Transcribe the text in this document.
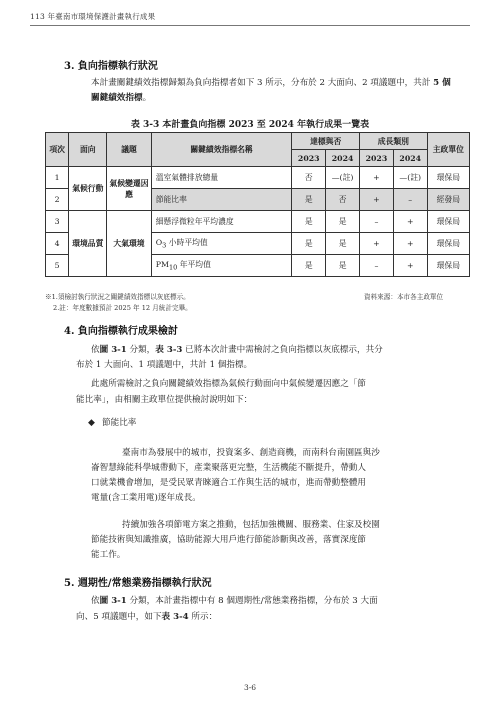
113 年臺南市環境保護計畫執行成果
3. 負向指標執行狀況
本計畫關鍵績效指標歸類為負向指標者如下 3 所示，分布於 2 大面向、2 項議題中，共計 5 個關鍵績效指標。
表 3-3 本計畫負向指標 2023 至 2024 年執行成果一覽表
項次	面向	議題	關鍵績效指標名稱	達標與否		成長類別		主政單位
				2023	2024	2023	2024	
1	氣候行動	氣候變遷因應	溫室氣體排放總量	否	—(註)	+	—(註)	環保局
2			節能比率	是	否	+	–	經發局
3	環境品質	大氣環境	細懸浮微粒年平均濃度	是	是	–	+	環保局
4			$O_3$ 小時平均值	是	是	+	+	環保局
5			$PM_{10}$ 年平均值	是	是	–	+	環保局
※1.須檢討執行狀況之關鍵績效指標以灰底標示。	資料來源：本市各主政單位
2.註：年度數據預計 2025 年 12 月統計完畢。
4. 負向指標執行成果檢討
依圖 3-1 分類，表 3-3 已將本次計畫中需檢討之負向指標以灰底標示，共分
布於 1 大面向、1 項議題中，共計 1 個指標。
此處所需檢討之負向關鍵績效指標為氣候行動面向中氣候變遷因應之「節
能比率」，由相關主政單位提供檢討說明如下：
◆ 節能比率
臺南市為發展中的城市，投資案多、創造商機，而南科台南園區與沙
崙智慧綠能科學城帶動下，產業聚落更完整，生活機能不斷提升，帶動人
口就業機會增加，是受民眾青睞適合工作與生活的城市，進而帶動整體用
電量(含工業用電)逐年成長。
持續加強各項節電方案之推動，包括加強機關、服務業、住家及校園
節能技術與知識推廣，協助能源大用戶進行節能診斷與改善，落實深度節
能工作。
5. 週期性/常態業務指標執行狀況
依圖 3-1 分類，本計畫指標中有 8 個週期性/常態業務指標，分布於 3 大面
向、5 項議題中，如下表 3-4 所示：
3-6
